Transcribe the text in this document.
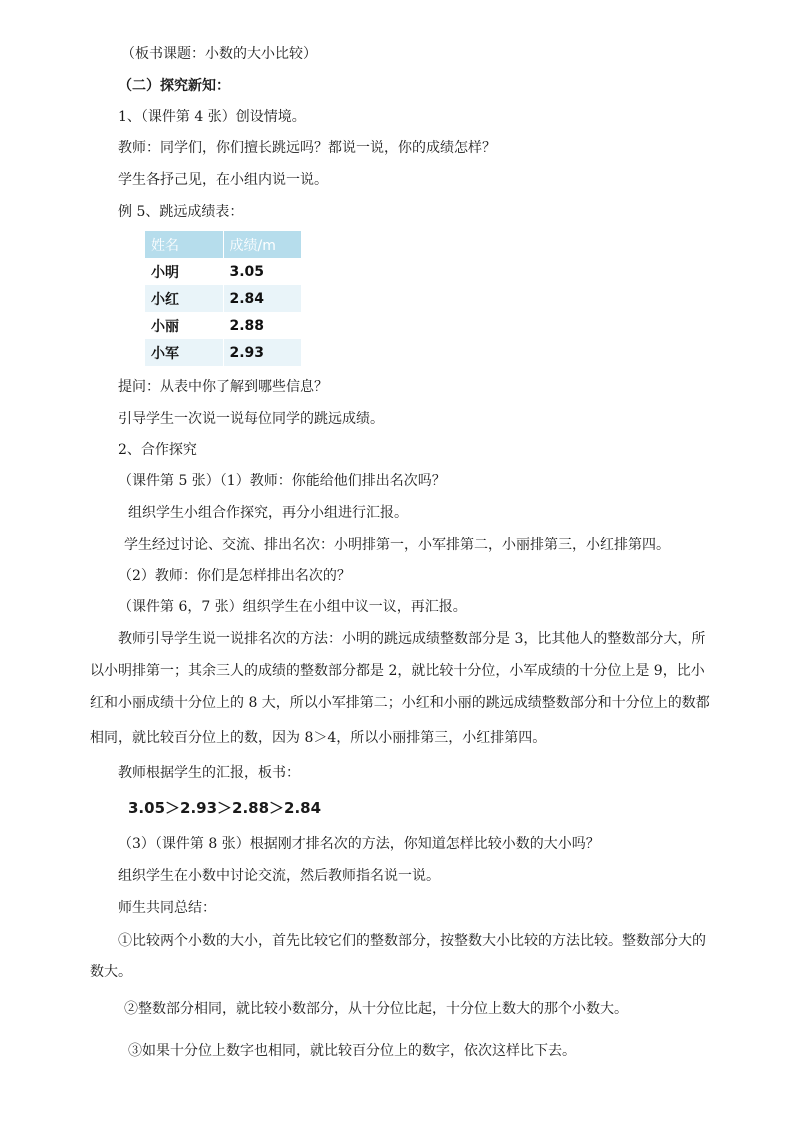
（板书课题：小数的大小比较）
（二）探究新知：
1、（课件第 4 张）创设情境。
教师：同学们，你们擅长跳远吗？都说一说，你的成绩怎样？
学生各抒己见，在小组内说一说。
例 5、跳远成绩表：
姓名	成绩/m
小明	3.05
小红	2.84
小丽	2.88
小军	2.93
提问：从表中你了解到哪些信息？
引导学生一次说一说每位同学的跳远成绩。
2、合作探究
（课件第 5 张）（1）教师：你能给他们排出名次吗？
组织学生小组合作探究，再分小组进行汇报。
学生经过讨论、交流、排出名次：小明排第一，小军排第二，小丽排第三，小红排第四。
（2）教师：你们是怎样排出名次的？
（课件第 6，7 张）组织学生在小组中议一议，再汇报。
教师引导学生说一说排名次的方法：小明的跳远成绩整数部分是 3，比其他人的整数部分大，所
以小明排第一；其余三人的成绩的整数部分都是 2，就比较十分位，小军成绩的十分位上是 9，比小
红和小丽成绩十分位上的 8 大，所以小军排第二；小红和小丽的跳远成绩整数部分和十分位上的数都
相同，就比较百分位上的数，因为 8＞4，所以小丽排第三，小红排第四。
教师根据学生的汇报，板书：
3.05＞2.93＞2.88＞2.84
（3）（课件第 8 张）根据刚才排名次的方法，你知道怎样比较小数的大小吗？
组织学生在小数中讨论交流，然后教师指名说一说。
师生共同总结：
①比较两个小数的大小，首先比较它们的整数部分，按整数大小比较的方法比较。整数部分大的
数大。
②整数部分相同，就比较小数部分，从十分位比起，十分位上数大的那个小数大。
③如果十分位上数字也相同，就比较百分位上的数字，依次这样比下去。
